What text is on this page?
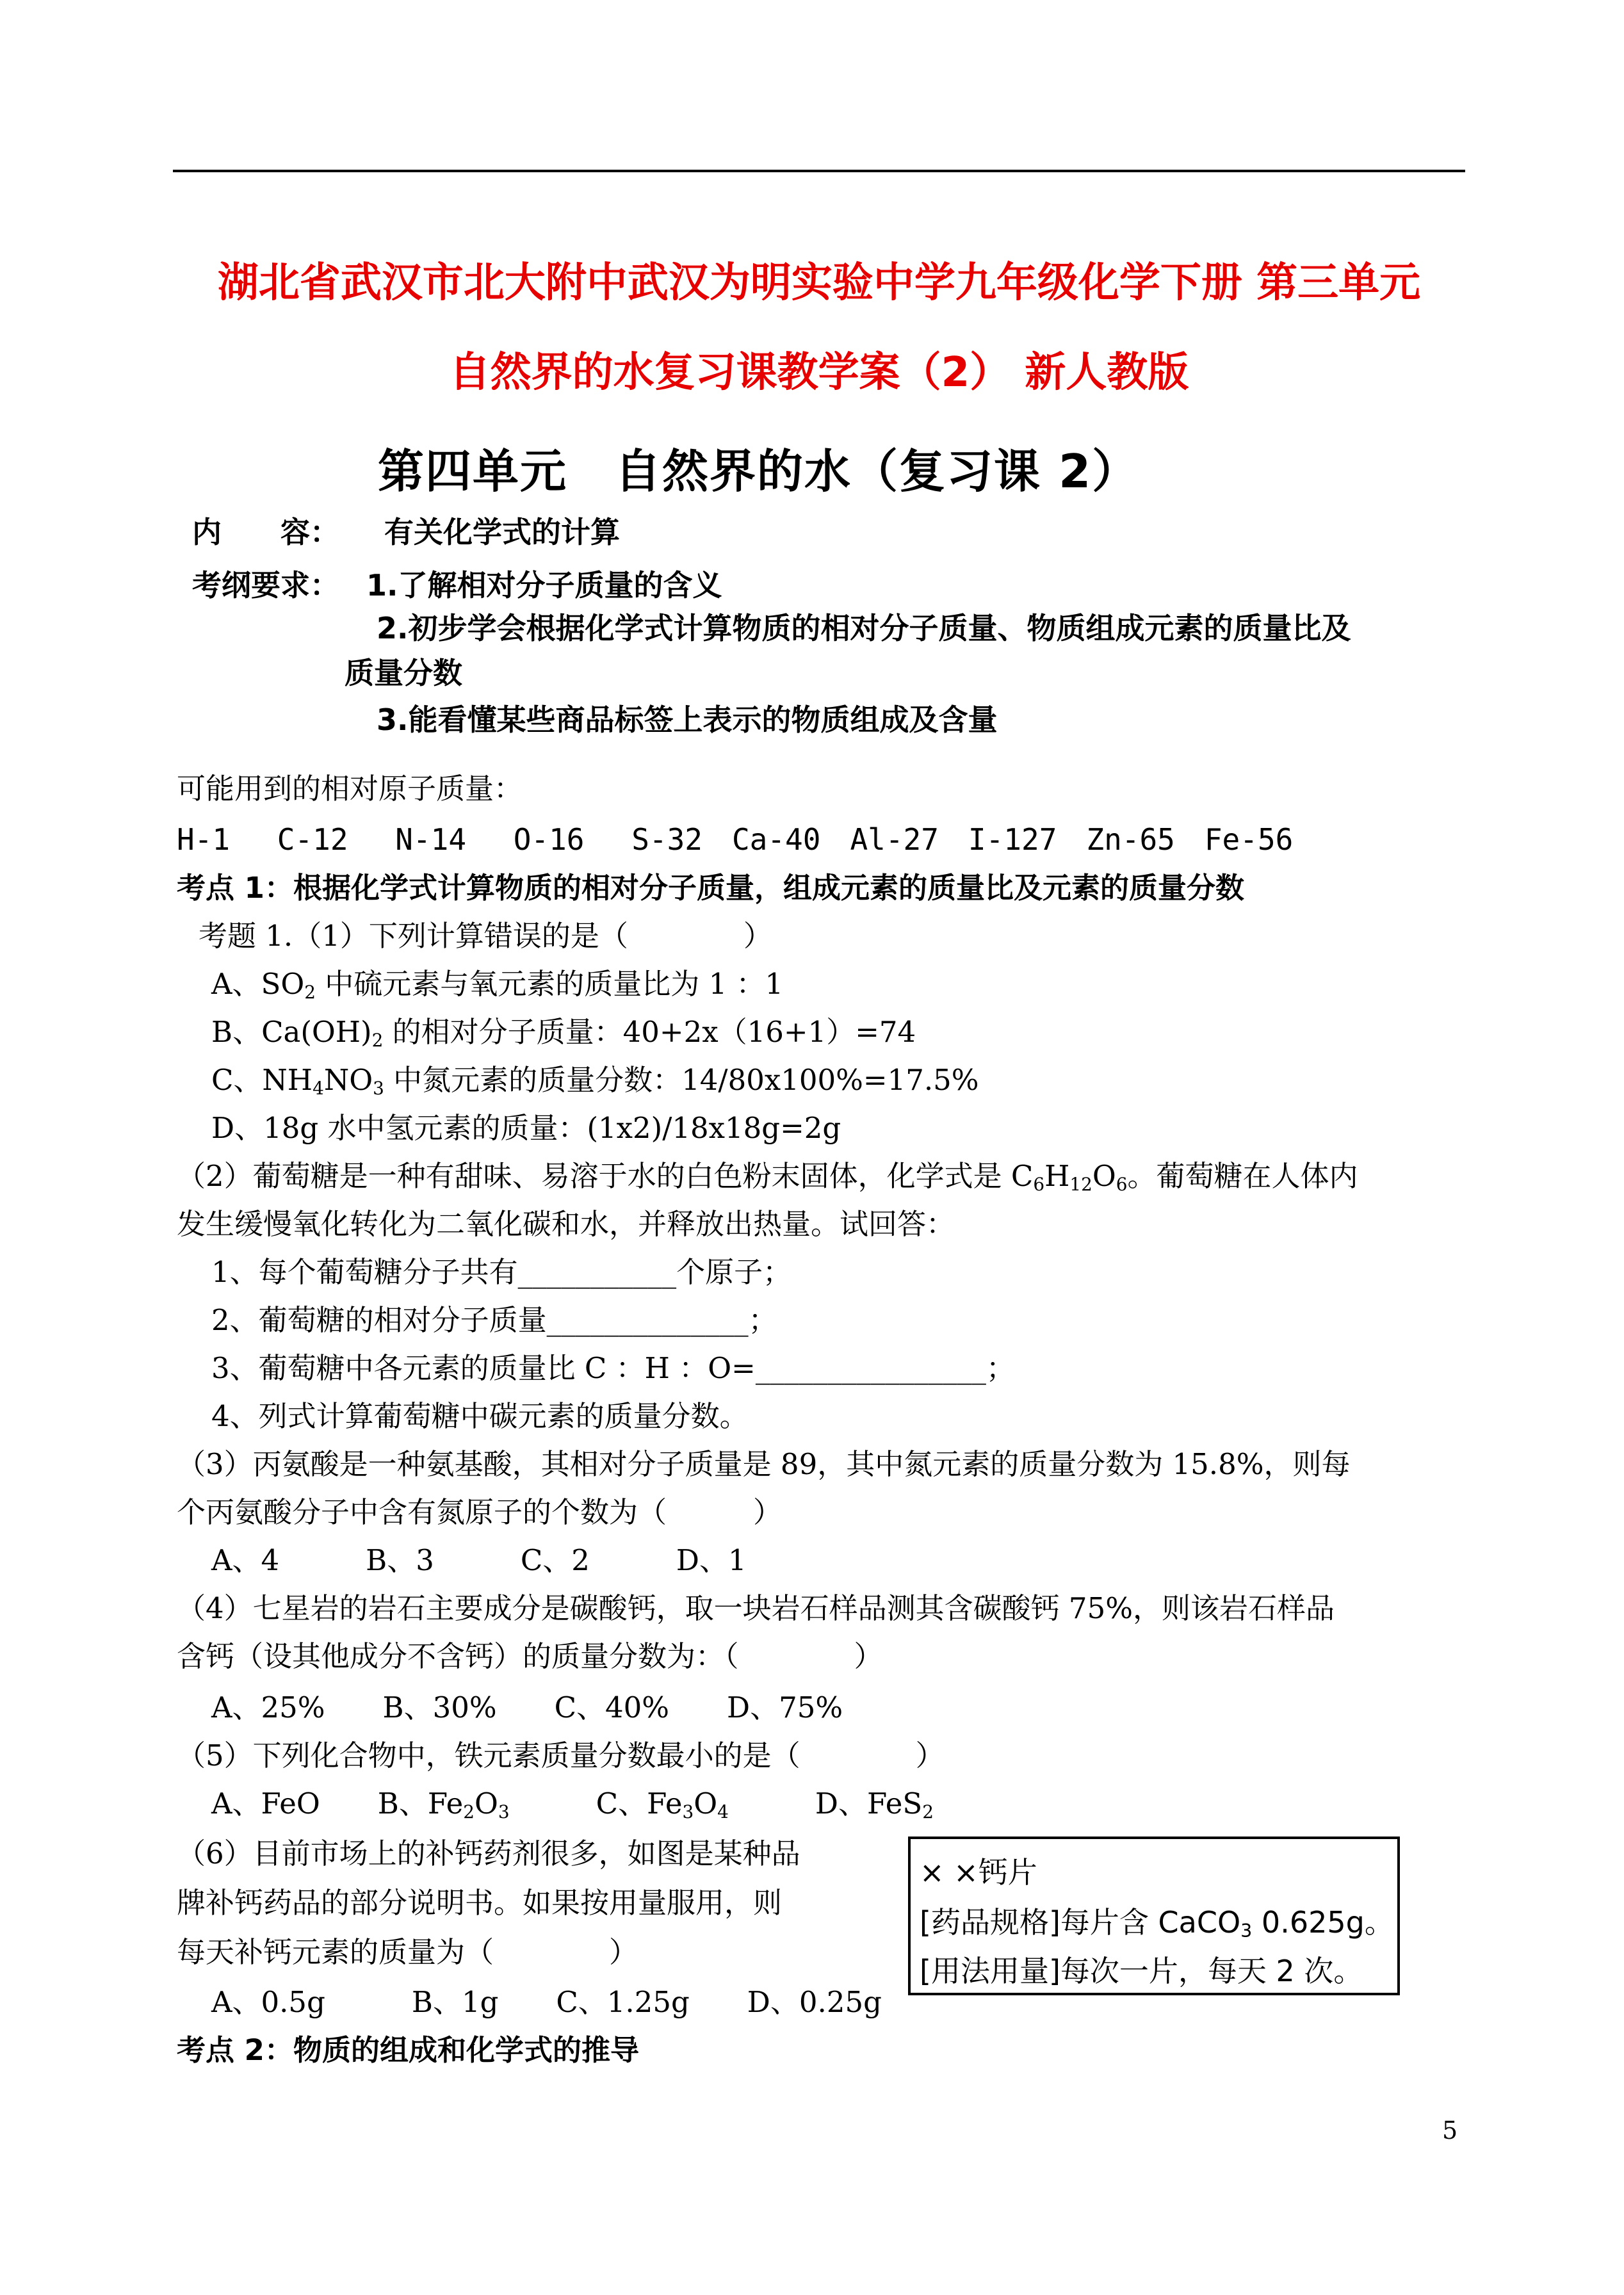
湖北省武汉市北大附中武汉为明实验中学九年级化学下册 第三单元
自然界的水复习课教学案（2） 新人教版
第四单元　自然界的水（复习课 2）
内　　容： 有关化学式的计算
考纲要求： 1.了解相对分子质量的含义
2.初步学会根据化学式计算物质的相对分子质量、物质组成元素的质量比及
质量分数
3.能看懂某些商品标签上表示的物质组成及含量
可能用到的相对原子质量：
H-1　 C-12　 N-14　 O-16　 S-32　Ca-40　Al-27　I-127　Zn-65　Fe-56
考点 1：根据化学式计算物质的相对分子质量，组成元素的质量比及元素的质量分数
考题 1.（1）下列计算错误的是（　　　　）
A、$SO_2$ 中硫元素与氧元素的质量比为 1 ：1
B、$Ca(OH)_2$ 的相对分子质量：40+2x（16+1）=74
C、$NH_4NO_3$ 中氮元素的质量分数：14/80x100%=17.5%
D、18g 水中氢元素的质量：(1x2)/18x18g=2g
（2）葡萄糖是一种有甜味、易溶于水的白色粉末固体，化学式是 $C_6H_{12}O_6$。葡萄糖在人体内
发生缓慢氧化转化为二氧化碳和水，并释放出热量。试回答：
1、每个葡萄糖分子共有___________个原子；
2、葡萄糖的相对分子质量______________；
3、葡萄糖中各元素的质量比 C ：H ：O=________________；
4、列式计算葡萄糖中碳元素的质量分数。
（3）丙氨酸是一种氨基酸，其相对分子质量是 89，其中氮元素的质量分数为 15.8%，则每
个丙氨酸分子中含有氮原子的个数为（　　　）
A、4　　　B、3　　　C、2　　　D、1
（4）七星岩的岩石主要成分是碳酸钙，取一块岩石样品测其含碳酸钙 75%，则该岩石样品
含钙（设其他成分不含钙）的质量分数为：（　　　　）
A、25%　　B、30%　　C、40%　　D、75%
（5）下列化合物中，铁元素质量分数最小的是（　　　　）
A、FeO　　B、$Fe_2O_3$　　　C、$Fe_3O_4$　　　D、FeS$_2$
（6）目前市场上的补钙药剂很多，如图是某种品
牌补钙药品的部分说明书。如果按用量服用，则
每天补钙元素的质量为（　　　　）
A、0.5g　　　B、1g　　C、1.25g　　D、0.25g
× ×钙片
[药品规格]每片含 CaCO$_3$ 0.625g。
[用法用量]每次一片，每天 2 次。
考点 2：物质的组成和化学式的推导
5
